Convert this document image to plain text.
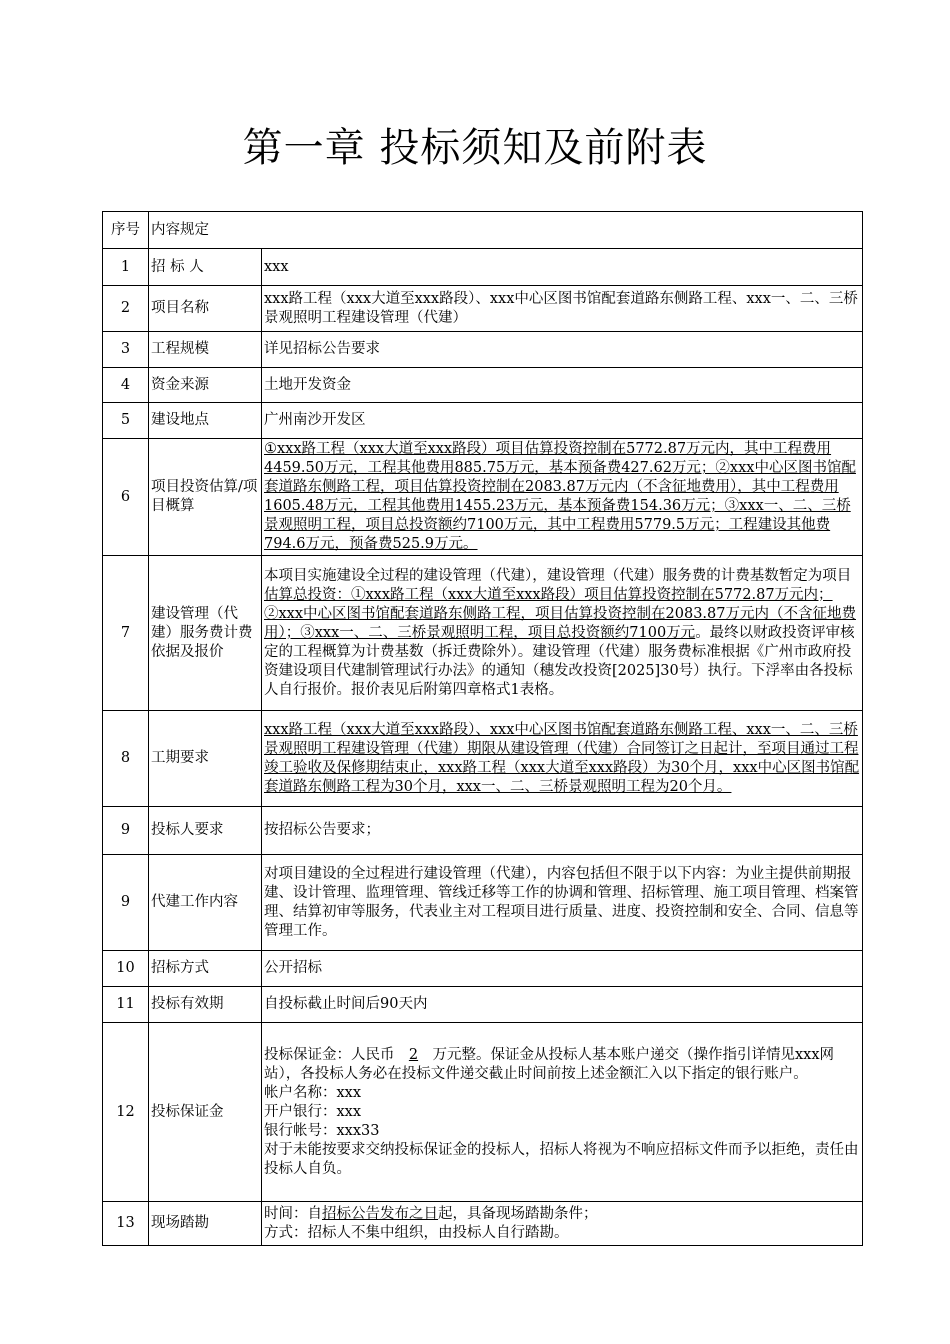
第一章 投标须知及前附表
序号	内容规定	
1	招 标 人	xxx
2	项目名称	xxx路工程（xxx大道至xxx路段）、xxx中心区图书馆配套道路东侧路工程、xxx一、二、三桥景观照明工程建设管理（代建）
3	工程规模	详见招标公告要求
4	资金来源	土地开发资金
5	建设地点	广州南沙开发区
6	项目投资估算/项目概算	①xxx路工程（xxx大道至xxx路段）项目估算投资控制在5772.87万元内，其中工程费用4459.50万元，工程其他费用885.75万元，基本预备费427.62万元；②xxx中心区图书馆配套道路东侧路工程，项目估算投资控制在2083.87万元内（不含征地费用），其中工程费用1605.48万元，工程其他费用1455.23万元，基本预备费154.36万元；③xxx一、二、三桥景观照明工程，项目总投资额约7100万元，其中工程费用5779.5万元；工程建设其他费794.6万元，预备费525.9万元。
7	建设管理（代建）服务费计费依据及报价	本项目实施建设全过程的建设管理（代建），建设管理（代建）服务费的计费基数暂定为项目估算总投资：①xxx路工程（xxx大道至xxx路段）项目估算投资控制在5772.87万元内；②xxx中心区图书馆配套道路东侧路工程，项目估算投资控制在2083.87万元内（不含征地费用）；③xxx一、二、三桥景观照明工程，项目总投资额约7100万元。最终以财政投资评审核定的工程概算为计费基数（拆迁费除外）。建设管理（代建）服务费标准根据《广州市政府投资建设项目代建制管理试行办法》的通知（穗发改投资[2025]30号）执行。下浮率由各投标人自行报价。报价表见后附第四章格式1表格。
8	工期要求	xxx路工程（xxx大道至xxx路段）、xxx中心区图书馆配套道路东侧路工程、xxx一、二、三桥景观照明工程建设管理（代建）期限从建设管理（代建）合同签订之日起计，至项目通过工程竣工验收及保修期结束止，xxx路工程（xxx大道至xxx路段）为30个月，xxx中心区图书馆配套道路东侧路工程为30个月，xxx一、二、三桥景观照明工程为20个月。
9	投标人要求	按招标公告要求；
9	代建工作内容	对项目建设的全过程进行建设管理（代建），内容包括但不限于以下内容：为业主提供前期报建、设计管理、监理管理、管线迁移等工作的协调和管理、招标管理、施工项目管理、档案管理、结算初审等服务，代表业主对工程项目进行质量、进度、投资控制和安全、合同、信息等管理工作。
10	招标方式	公开招标
11	投标有效期	自投标截止时间后90天内
12	投标保证金	投标保证金：人民币 2 万元整。保证金从投标人基本账户递交（操作指引详情见xxx网站），各投标人务必在投标文件递交截止时间前按上述金额汇入以下指定的银行账户。
帐户名称：xxx
开户银行：xxx
银行帐号：xxx33
对于未能按要求交纳投标保证金的投标人，招标人将视为不响应招标文件而予以拒绝，责任由投标人自负。

13	现场踏勘	时间：自招标公告发布之日起，具备现场踏勘条件；
方式：招标人不集中组织，由投标人自行踏勘。
